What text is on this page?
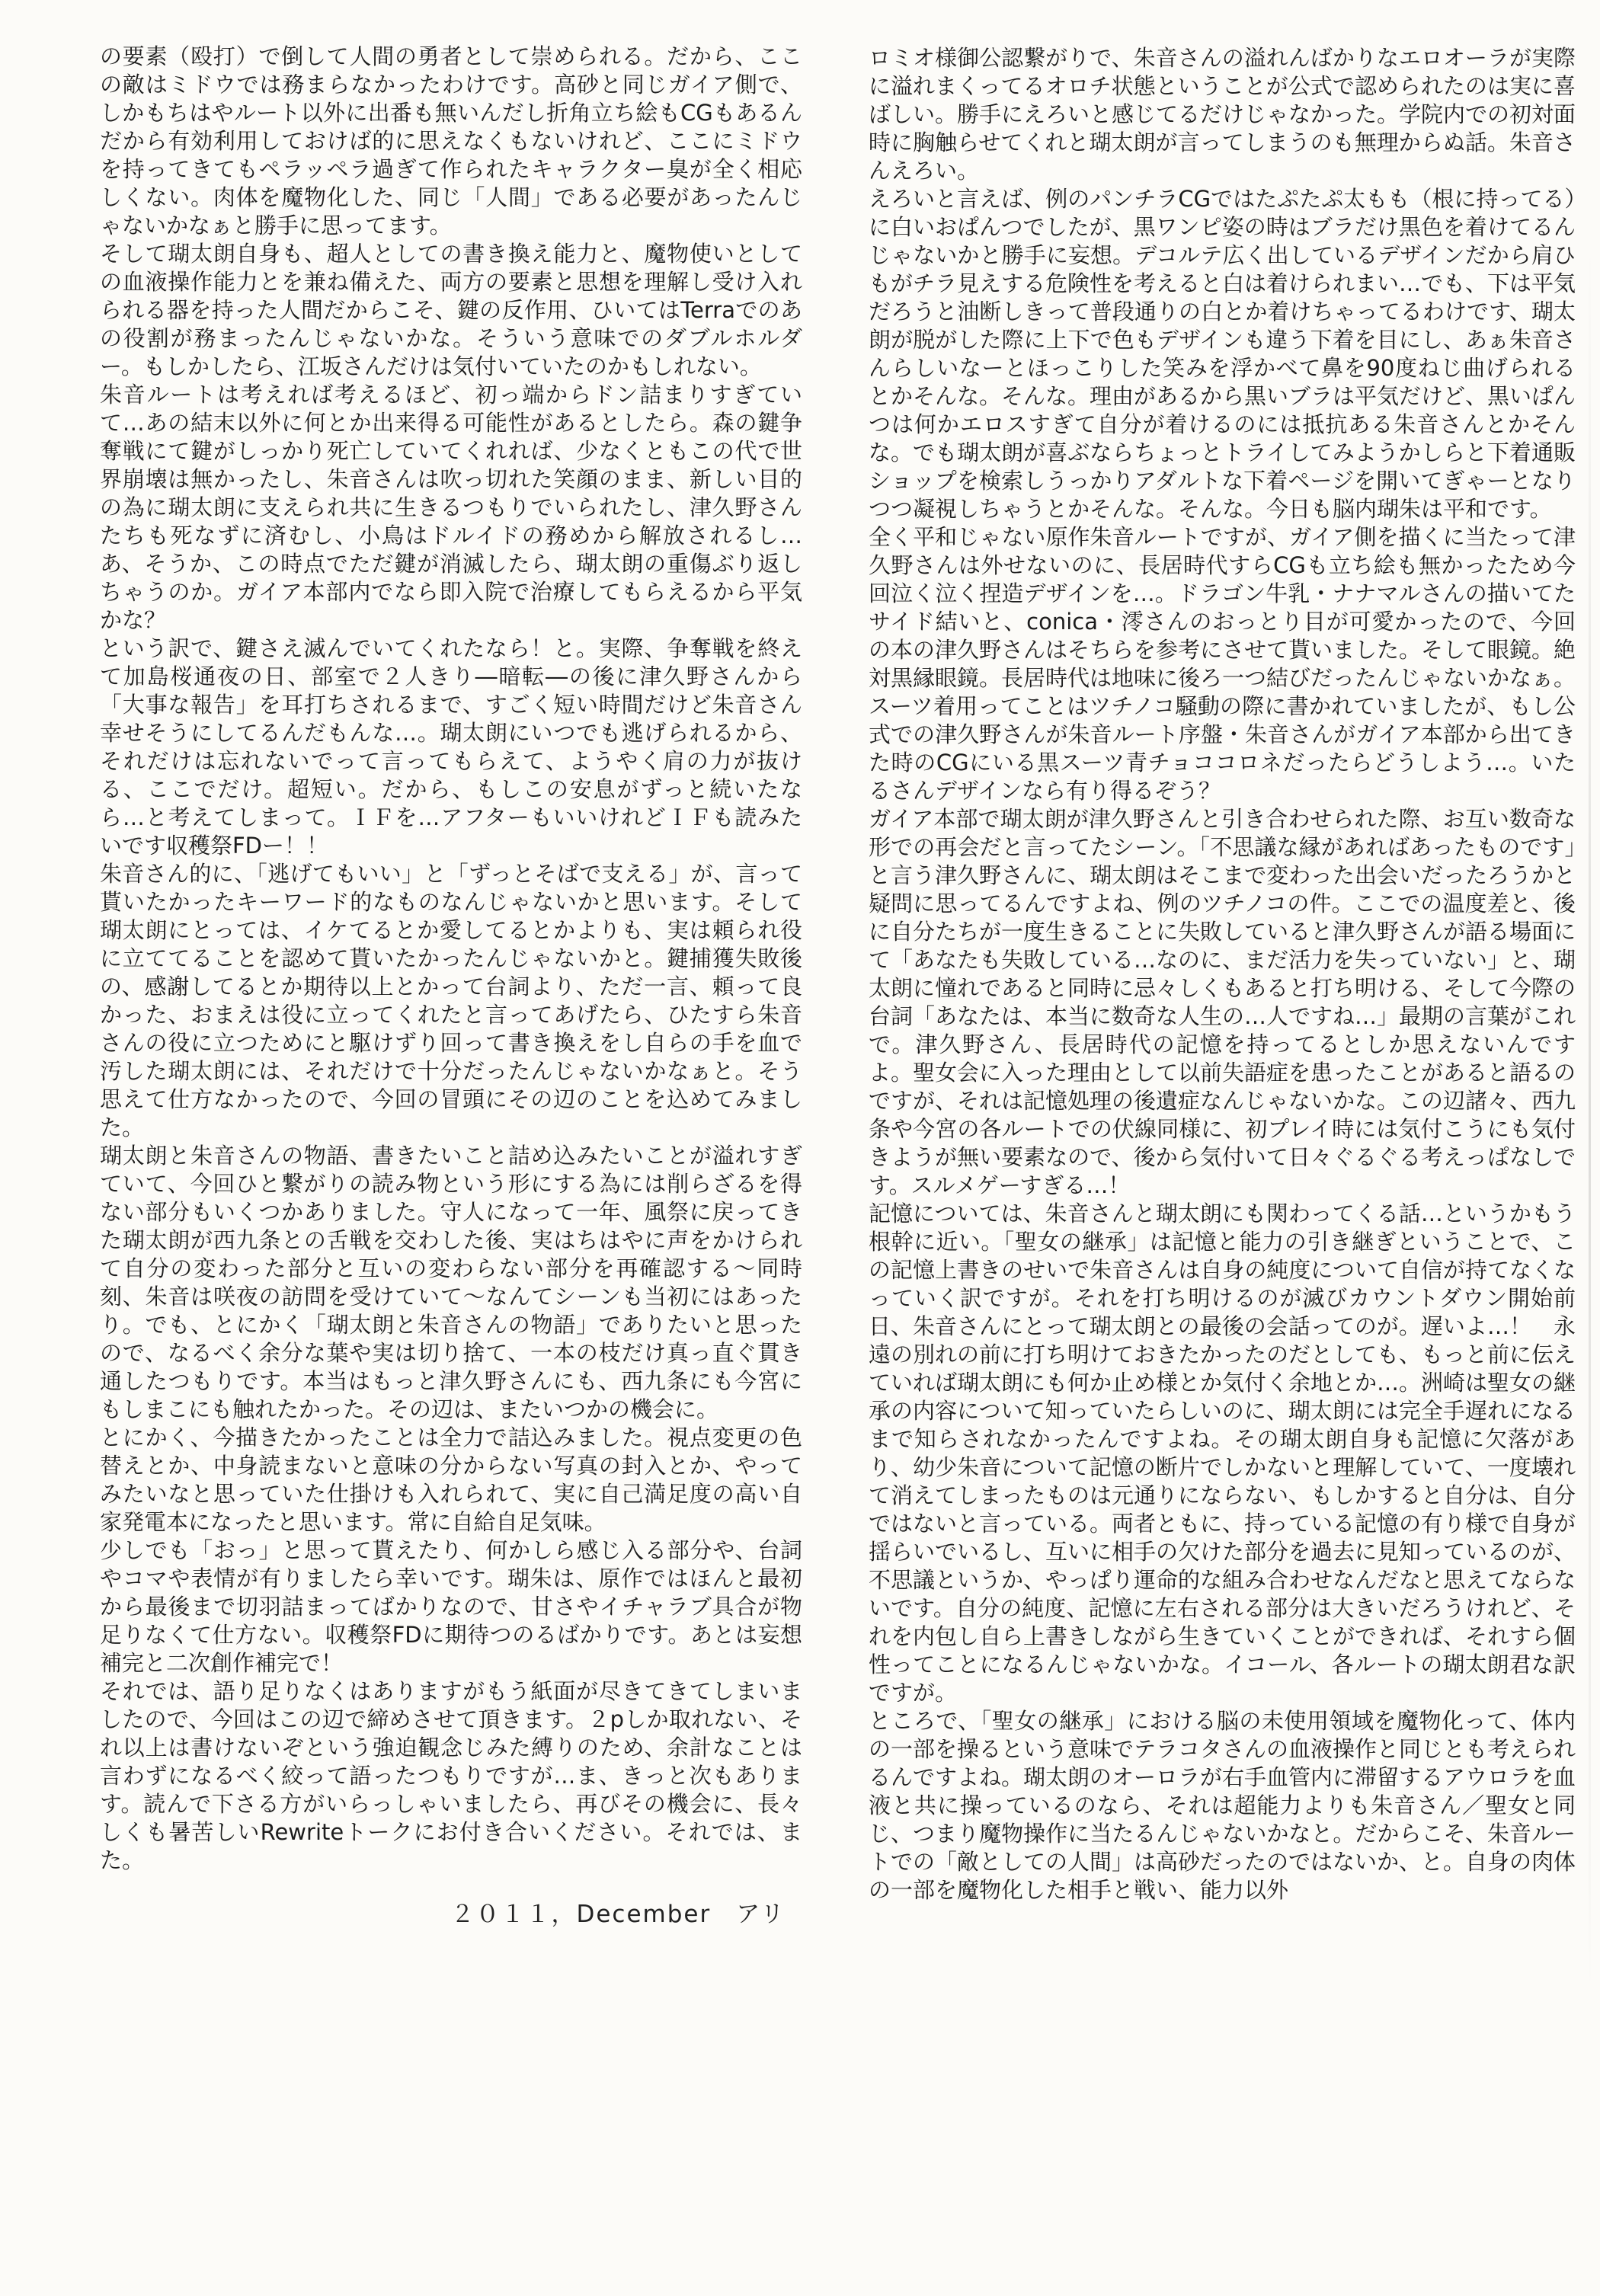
の要素（殴打）で倒して人間の勇者として崇められる。だから、ここの敵はミドウでは務まらなかったわけです。高砂と同じガイア側で、しかもちはやルート以外に出番も無いんだし折角立ち絵もCGもあるんだから有効利用しておけば的に思えなくもないけれど、ここにミドウを持ってきてもペラッペラ過ぎて作られたキャラクター臭が全く相応しくない。肉体を魔物化した、同じ「人間」である必要があったんじゃないかなぁと勝手に思ってます。

そして瑚太朗自身も、超人としての書き換え能力と、魔物使いとしての血液操作能力とを兼ね備えた、両方の要素と思想を理解し受け入れられる器を持った人間だからこそ、鍵の反作用、ひいてはTerraでのあの役割が務まったんじゃないかな。そういう意味でのダブルホルダー。もしかしたら、江坂さんだけは気付いていたのかもしれない。

朱音ルートは考えれば考えるほど、初っ端からドン詰まりすぎていて…あの結末以外に何とか出来得る可能性があるとしたら。森の鍵争奪戦にて鍵がしっかり死亡していてくれれば、少なくともこの代で世界崩壊は無かったし、朱音さんは吹っ切れた笑顔のまま、新しい目的の為に瑚太朗に支えられ共に生きるつもりでいられたし、津久野さんたちも死なずに済むし、小鳥はドルイドの務めから解放されるし…あ、そうか、この時点でただ鍵が消滅したら、瑚太朗の重傷ぶり返しちゃうのか。ガイア本部内でなら即入院で治療してもらえるから平気かな？

という訳で、鍵さえ滅んでいてくれたなら！と。実際、争奪戦を終えて加島桜通夜の日、部室で２人きり―暗転―の後に津久野さんから「大事な報告」を耳打ちされるまで、すごく短い時間だけど朱音さん幸せそうにしてるんだもんな…。瑚太朗にいつでも逃げられるから、それだけは忘れないでって言ってもらえて、ようやく肩の力が抜ける、ここでだけ。超短い。だから、もしこの安息がずっと続いたなら…と考えてしまって。ＩＦを…アフターもいいけれどＩＦも読みたいです収穫祭FDー！！

朱音さん的に、「逃げてもいい」と「ずっとそばで支える」が、言って貰いたかったキーワード的なものなんじゃないかと思います。そして瑚太朗にとっては、イケてるとか愛してるとかよりも、実は頼られ役に立ててることを認めて貰いたかったんじゃないかと。鍵捕獲失敗後の、感謝してるとか期待以上とかって台詞より、ただ一言、頼って良かった、おまえは役に立ってくれたと言ってあげたら、ひたすら朱音さんの役に立つためにと駆けずり回って書き換えをし自らの手を血で汚した瑚太朗には、それだけで十分だったんじゃないかなぁと。そう思えて仕方なかったので、今回の冒頭にその辺のことを込めてみました。

瑚太朗と朱音さんの物語、書きたいこと詰め込みたいことが溢れすぎていて、今回ひと繋がりの読み物という形にする為には削らざるを得ない部分もいくつかありました。守人になって一年、風祭に戻ってきた瑚太朗が西九条との舌戦を交わした後、実はちはやに声をかけられて自分の変わった部分と互いの変わらない部分を再確認する～同時刻、朱音は咲夜の訪問を受けていて～なんてシーンも当初にはあったり。でも、とにかく「瑚太朗と朱音さんの物語」でありたいと思ったので、なるべく余分な葉や実は切り捨て、一本の枝だけ真っ直ぐ貫き通したつもりです。本当はもっと津久野さんにも、西九条にも今宮にもしまこにも触れたかった。その辺は、またいつかの機会に。

とにかく、今描きたかったことは全力で詰込みました。視点変更の色替えとか、中身読まないと意味の分からない写真の封入とか、やってみたいなと思っていた仕掛けも入れられて、実に自己満足度の高い自家発電本になったと思います。常に自給自足気味。

少しでも「おっ」と思って貰えたり、何かしら感じ入る部分や、台詞やコマや表情が有りましたら幸いです。瑚朱は、原作ではほんと最初から最後まで切羽詰まってばかりなので、甘さやイチャラブ具合が物足りなくて仕方ない。収穫祭FDに期待つのるばかりです。あとは妄想補完と二次創作補完で！

それでは、語り足りなくはありますがもう紙面が尽きてきてしまいましたので、今回はこの辺で締めさせて頂きます。２pしか取れない、それ以上は書けないぞという強迫観念じみた縛りのため、余計なことは言わずになるべく絞って語ったつもりですが…ま、きっと次もあります。読んで下さる方がいらっしゃいましたら、再びその機会に、長々しくも暑苦しいRewriteトークにお付き合いください。それでは、また。

２０１１，December　アリ

ロミオ様御公認繋がりで、朱音さんの溢れんばかりなエロオーラが実際に溢れまくってるオロチ状態ということが公式で認められたのは実に喜ばしい。勝手にえろいと感じてるだけじゃなかった。学院内での初対面時に胸触らせてくれと瑚太朗が言ってしまうのも無理からぬ話。朱音さんえろい。

えろいと言えば、例のパンチラCGではたぷたぷ太もも（根に持ってる）に白いおぱんつでしたが、黒ワンピ姿の時はブラだけ黒色を着けてるんじゃないかと勝手に妄想。デコルテ広く出しているデザインだから肩ひもがチラ見えする危険性を考えると白は着けられまい…でも、下は平気だろうと油断しきって普段通りの白とか着けちゃってるわけです、瑚太朗が脱がした際に上下で色もデザインも違う下着を目にし、あぁ朱音さんらしいなーとほっこりした笑みを浮かべて鼻を90度ねじ曲げられるとかそんな。そんな。理由があるから黒いブラは平気だけど、黒いぱんつは何かエロスすぎて自分が着けるのには抵抗ある朱音さんとかそんな。でも瑚太朗が喜ぶならちょっとトライしてみようかしらと下着通販ショップを検索しうっかりアダルトな下着ページを開いてぎゃーとなりつつ凝視しちゃうとかそんな。そんな。今日も脳内瑚朱は平和です。

全く平和じゃない原作朱音ルートですが、ガイア側を描くに当たって津久野さんは外せないのに、長居時代すらCGも立ち絵も無かったため今回泣く泣く捏造デザインを…。ドラゴン牛乳・ナナマルさんの描いてたサイド結いと、conica・澪さんのおっとり目が可愛かったので、今回の本の津久野さんはそちらを参考にさせて貰いました。そして眼鏡。絶対黒縁眼鏡。長居時代は地味に後ろ一つ結びだったんじゃないかなぁ。スーツ着用ってことはツチノコ騒動の際に書かれていましたが、もし公式での津久野さんが朱音ルート序盤・朱音さんがガイア本部から出てきた時のCGにいる黒スーツ青チョココロネだったらどうしよう…。いたるさんデザインなら有り得るぞう？

ガイア本部で瑚太朗が津久野さんと引き合わせられた際、お互い数奇な形での再会だと言ってたシーン。「不思議な縁があればあったものです」と言う津久野さんに、瑚太朗はそこまで変わった出会いだったろうかと疑問に思ってるんですよね、例のツチノコの件。ここでの温度差と、後に自分たちが一度生きることに失敗していると津久野さんが語る場面にて「あなたも失敗している…なのに、まだ活力を失っていない」と、瑚太朗に憧れであると同時に忌々しくもあると打ち明ける、そして今際の台詞「あなたは、本当に数奇な人生の…人ですね…」最期の言葉がこれで。津久野さん、長居時代の記憶を持ってるとしか思えないんですよ。聖女会に入った理由として以前失語症を患ったことがあると語るのですが、それは記憶処理の後遺症なんじゃないかな。この辺諸々、西九条や今宮の各ルートでの伏線同様に、初プレイ時には気付こうにも気付きようが無い要素なので、後から気付いて日々ぐるぐる考えっぱなしです。スルメゲーすぎる…！

記憶については、朱音さんと瑚太朗にも関わってくる話…というかもう根幹に近い。「聖女の継承」は記憶と能力の引き継ぎということで、この記憶上書きのせいで朱音さんは自身の純度について自信が持てなくなっていく訳ですが。それを打ち明けるのが滅びカウントダウン開始前日、朱音さんにとって瑚太朗との最後の会話ってのが。遅いよ…！　永遠の別れの前に打ち明けておきたかったのだとしても、もっと前に伝えていれば瑚太朗にも何か止め様とか気付く余地とか…。洲崎は聖女の継承の内容について知っていたらしいのに、瑚太朗には完全手遅れになるまで知らされなかったんですよね。その瑚太朗自身も記憶に欠落があり、幼少朱音について記憶の断片でしかないと理解していて、一度壊れて消えてしまったものは元通りにならない、もしかすると自分は、自分ではないと言っている。両者ともに、持っている記憶の有り様で自身が揺らいでいるし、互いに相手の欠けた部分を過去に見知っているのが、不思議というか、やっぱり運命的な組み合わせなんだなと思えてならないです。自分の純度、記憶に左右される部分は大きいだろうけれど、それを内包し自ら上書きしながら生きていくことができれば、それすら個性ってことになるんじゃないかな。イコール、各ルートの瑚太朗君な訳ですが。

ところで、「聖女の継承」における脳の未使用領域を魔物化って、体内の一部を操るという意味でテラコタさんの血液操作と同じとも考えられるんですよね。瑚太朗のオーロラが右手血管内に滞留するアウロラを血液と共に操っているのなら、それは超能力よりも朱音さん／聖女と同じ、つまり魔物操作に当たるんじゃないかなと。だからこそ、朱音ルートでの「敵としての人間」は高砂だったのではないか、と。自身の肉体の一部を魔物化した相手と戦い、能力以外
